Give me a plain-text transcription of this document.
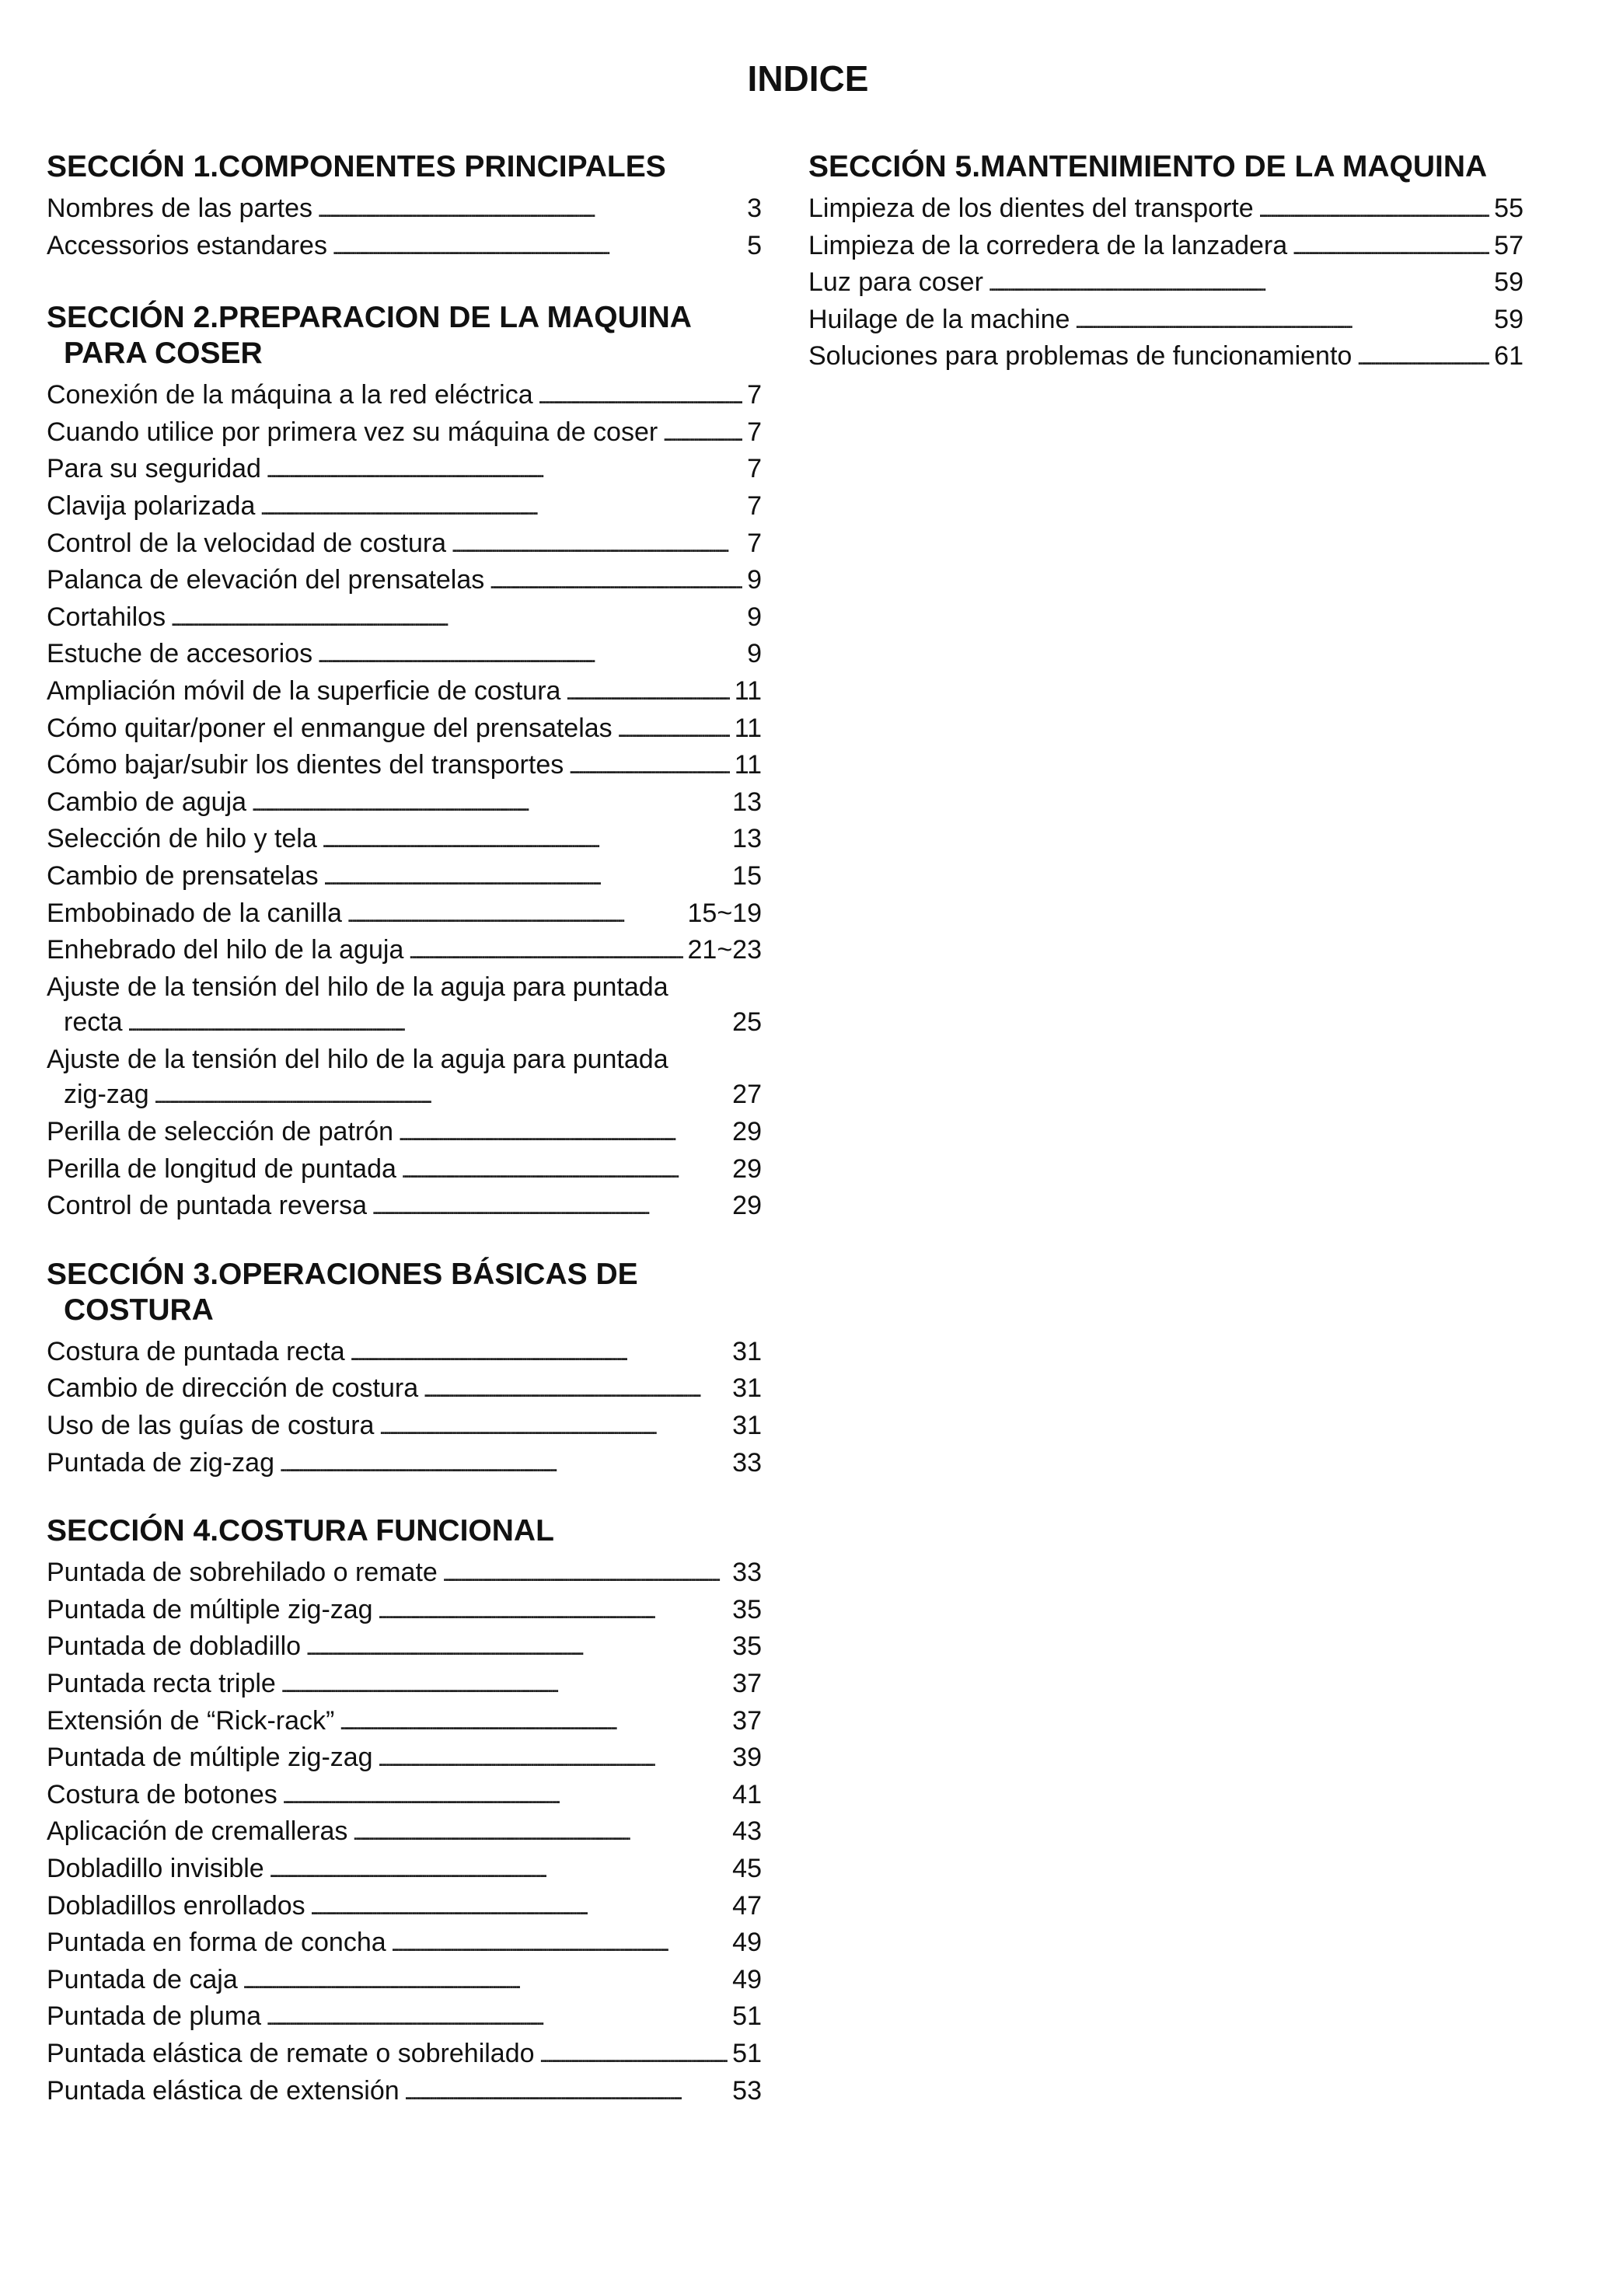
INDICE
SECCIÓN 1.COMPONENTES PRINCIPALES
Nombres de las partes . . .	3
Accessorios estandares . . .	5
SECCIÓN 2.PREPARACION DE LA MAQUINA
PARA COSER
Conexión de la máquina a la red eléctrica . . .	7
Cuando utilice por primera vez su máquina de coser . . .	7
Para su seguridad . . .	7
Clavija polarizada . . .	7
Control de la velocidad de costura . . .	7
Palanca de elevación del prensatelas . . .	9
Cortahilos . . .	9
Estuche de accesorios . . .	9
Ampliación móvil de la superficie de costura . . .	11
Cómo quitar/poner el enmangue del prensatelas . . .	11
Cómo bajar/subir los dientes del transportes . . .	11
Cambio de aguja . . .	13
Selección de hilo y tela . . .	13
Cambio de prensatelas . . .	15
Embobinado de la canilla . . .	15~19
Enhebrado del hilo de la aguja . . .	21~23
Ajuste de la tensión del hilo de la aguja para puntada
recta . . .	25
Ajuste de la tensión del hilo de la aguja para puntada
zig-zag . . .	27
Perilla de selección de patrón . . .	29
Perilla de longitud de puntada . . .	29
Control de puntada reversa . . .	29
SECCIÓN 3.OPERACIONES BÁSICAS DE
COSTURA
Costura de puntada recta . . .	31
Cambio de dirección de costura . . .	31
Uso de las guías de costura . . .	31
Puntada de zig-zag . . .	33
SECCIÓN 4.COSTURA FUNCIONAL
Puntada de sobrehilado o remate . . .	33
Puntada de múltiple zig-zag . . .	35
Puntada de dobladillo . . .	35
Puntada recta triple . . .	37
Extensión de “Rick-rack” . . .	37
Puntada de múltiple zig-zag . . .	39
Costura de botones . . .	41
Aplicación de cremalleras . . .	43
Dobladillo invisible . . .	45
Dobladillos enrollados . . .	47
Puntada en forma de concha . . .	49
Puntada de caja . . .	49
Puntada de pluma . . .	51
Puntada elástica de remate o sobrehilado . . .	51
Puntada elástica de extensión . . .	53
SECCIÓN 5.MANTENIMIENTO DE LA MAQUINA
Limpieza de los dientes del transporte . . .	55
Limpieza de la corredera de la lanzadera . . .	57
Luz para coser . . .	59
Huilage de la machine . . .	59
Soluciones para problemas de funcionamiento . . .	61
